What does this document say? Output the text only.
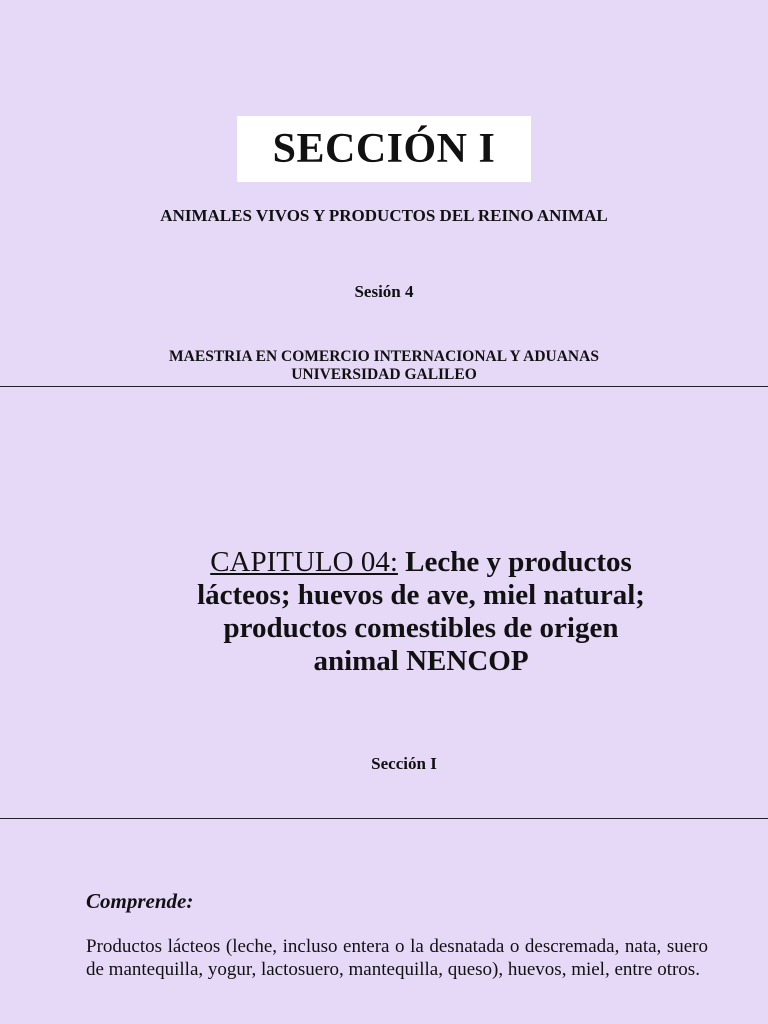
SECCIÓN I
ANIMALES VIVOS Y PRODUCTOS DEL REINO ANIMAL
Sesión 4
MAESTRIA EN COMERCIO INTERNACIONAL Y ADUANAS
UNIVERSIDAD GALILEO
CAPITULO 04: Leche y productos lácteos; huevos de ave, miel natural; productos comestibles de origen animal NENCOP
Sección I
Comprende:
Productos lácteos (leche, incluso entera o la desnatada o descremada, nata, suero de mantequilla, yogur, lactosuero, mantequilla, queso), huevos, miel, entre otros.
